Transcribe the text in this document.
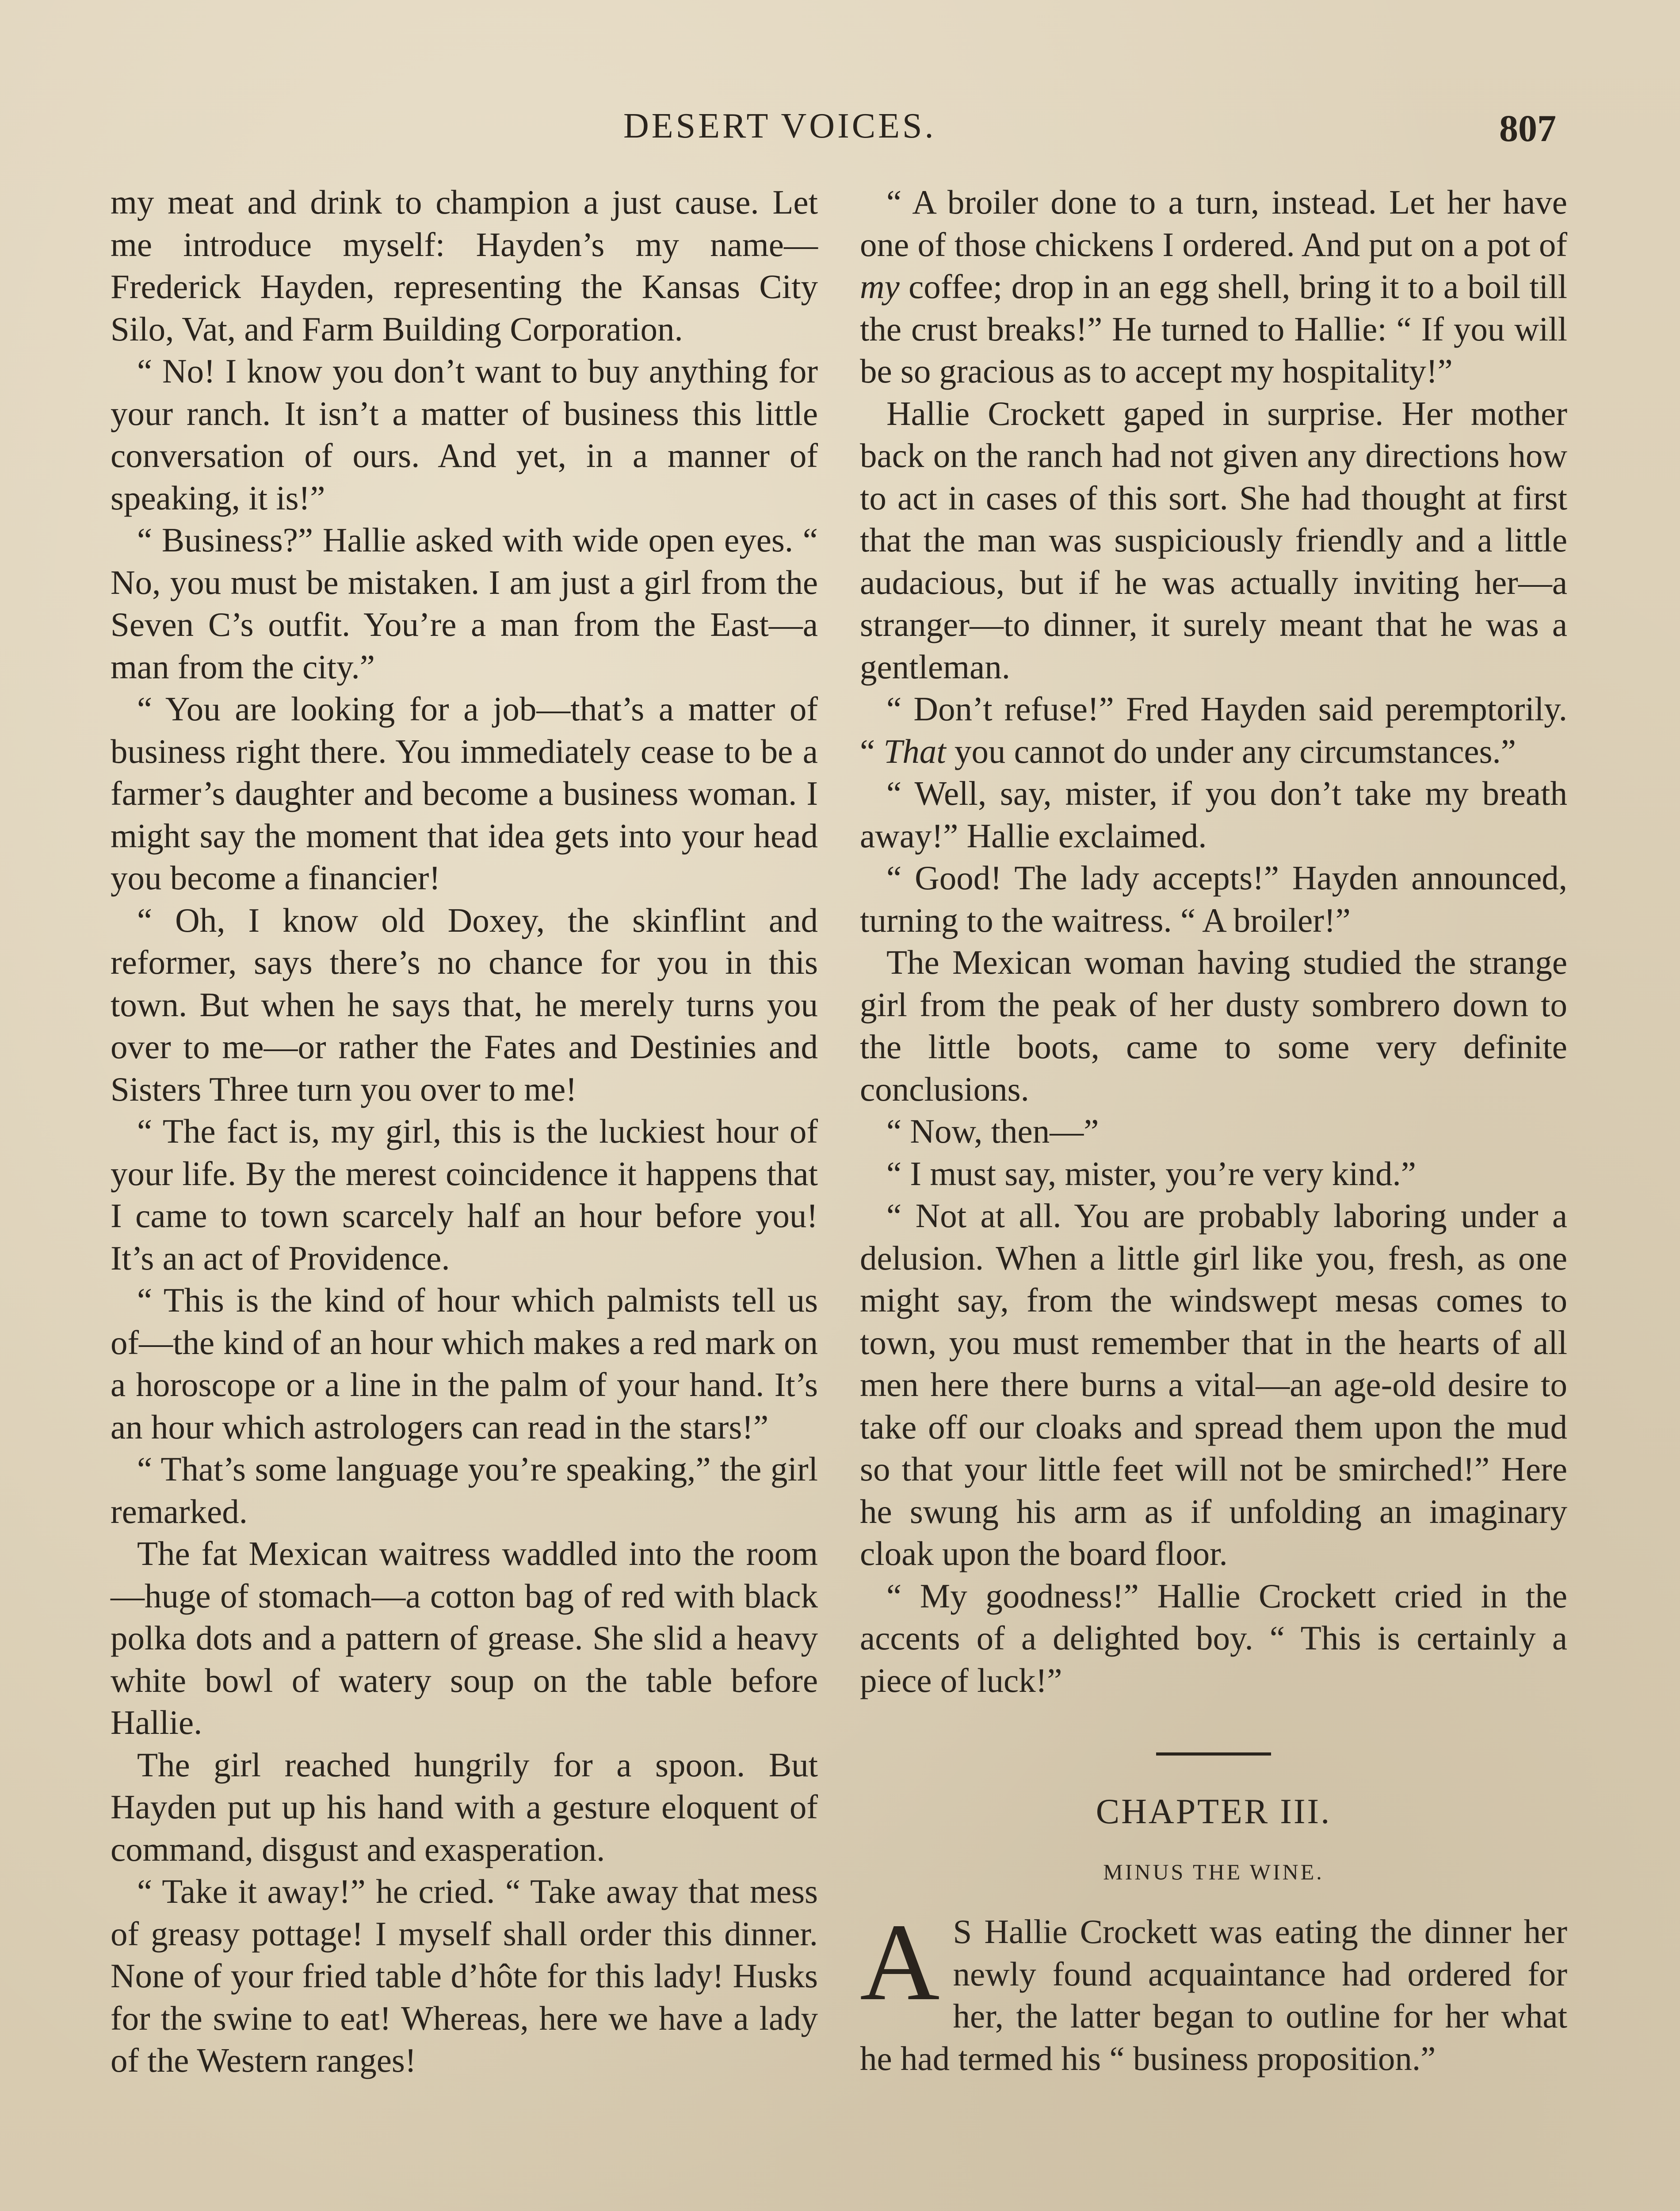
DESERT VOICES.	807

my meat and drink to champion a just cause. Let me introduce myself: Hayden’s my name—Frederick Hayden, representing the Kansas City Silo, Vat, and Farm Building Corporation.

“ No! I know you don’t want to buy anything for your ranch. It isn’t a matter of business this little conversation of ours. And yet, in a manner of speaking, it is!”

“ Business?” Hallie asked with wide open eyes. “ No, you must be mistaken. I am just a girl from the Seven C’s outfit. You’re a man from the East—a man from the city.”

“ You are looking for a job—that’s a matter of business right there. You immediately cease to be a farmer’s daughter and become a business woman. I might say the moment that idea gets into your head you become a financier!

“ Oh, I know old Doxey, the skinflint and reformer, says there’s no chance for you in this town. But when he says that, he merely turns you over to me—or rather the Fates and Destinies and Sisters Three turn you over to me!

“ The fact is, my girl, this is the luckiest hour of your life. By the merest coincidence it happens that I came to town scarcely half an hour before you! It’s an act of Providence.

“ This is the kind of hour which palmists tell us of—the kind of an hour which makes a red mark on a horoscope or a line in the palm of your hand. It’s an hour which astrologers can read in the stars!”

“ That’s some language you’re speaking,” the girl remarked.

The fat Mexican waitress waddled into the room—huge of stomach—a cotton bag of red with black polka dots and a pattern of grease. She slid a heavy white bowl of watery soup on the table before Hallie.

The girl reached hungrily for a spoon. But Hayden put up his hand with a gesture eloquent of command, disgust and exasperation.

“ Take it away!” he cried. “ Take away that mess of greasy pottage! I myself shall order this dinner. None of your fried table d’hôte for this lady! Husks for the swine to eat! Whereas, here we have a lady of the Western ranges!

“ A broiler done to a turn, instead. Let her have one of those chickens I ordered. And put on a pot of my coffee; drop in an egg shell, bring it to a boil till the crust breaks!” He turned to Hallie: “ If you will be so gracious as to accept my hospitality!”

Hallie Crockett gaped in surprise. Her mother back on the ranch had not given any directions how to act in cases of this sort. She had thought at first that the man was suspiciously friendly and a little audacious, but if he was actually inviting her—a stranger—to dinner, it surely meant that he was a gentleman.

“ Don’t refuse!” Fred Hayden said peremptorily. “ That you cannot do under any circumstances.”

“ Well, say, mister, if you don’t take my breath away!” Hallie exclaimed.

“ Good! The lady accepts!” Hayden announced, turning to the waitress. “ A broiler!”

The Mexican woman having studied the strange girl from the peak of her dusty sombrero down to the little boots, came to some very definite conclusions.

“ Now, then—”

“ I must say, mister, you’re very kind.”

“ Not at all. You are probably laboring under a delusion. When a little girl like you, fresh, as one might say, from the windswept mesas comes to town, you must remember that in the hearts of all men here there burns a vital—an age-old desire to take off our cloaks and spread them upon the mud so that your little feet will not be smirched!” Here he swung his arm as if unfolding an imaginary cloak upon the board floor.

“ My goodness!” Hallie Crockett cried in the accents of a delighted boy. “ This is certainly a piece of luck!”

CHAPTER III.
MINUS THE WINE.

A S Hallie Crockett was eating the dinner her newly found acquaintance had ordered for her, the latter began to outline for her what he had termed his “ business proposition.”
